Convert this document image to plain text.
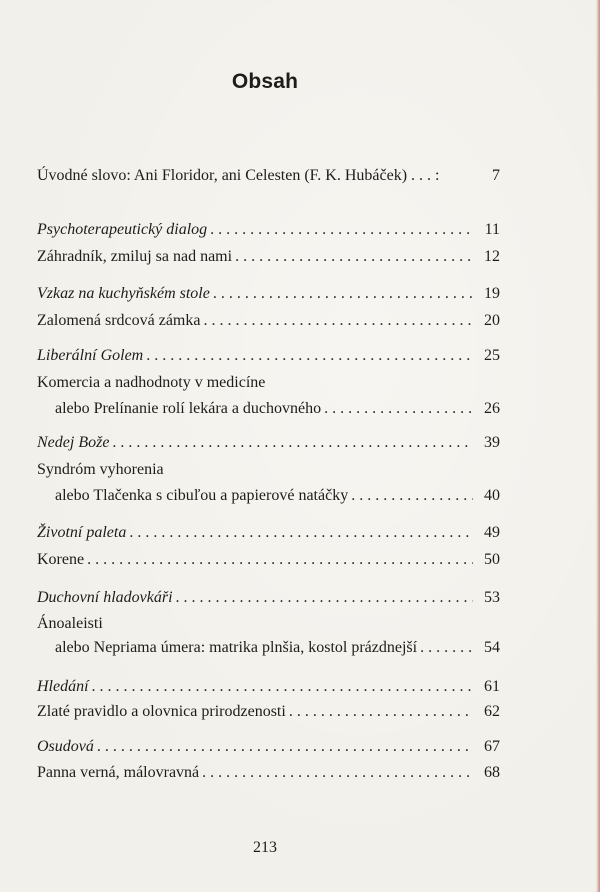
Obsah
Úvodné slovo: Ani Floridor, ani Celesten (F. K. Hubáček) . . . :	7
Psychoterapeutický dialog . . .	11
Záhradník, zmiluj sa nad nami . . .	12
Vzkaz na kuchyňském stole . . .	19
Zalomená srdcová zámka . . .	20
Liberální Golem . . .	25
Komercia a nadhodnoty v medicíne
alebo Prelínanie rolí lekára a duchovného . . .	26
Nedej Bože . . .	39
Syndróm vyhorenia
alebo Tlačenka s cibuľou a papierové natáčky . . .	40
Životní paleta . . .	49
Korene . . .	50
Duchovní hladovkáři . . .	53
Ánoaleisti
alebo Nepriama úmera: matrika plnšia, kostol prázdnejší . . .	54
Hledání . . .	61
Zlaté pravidlo a olovnica prirodzenosti . . .	62
Osudová . . .	67
Panna verná, málovravná . . .	68
213
